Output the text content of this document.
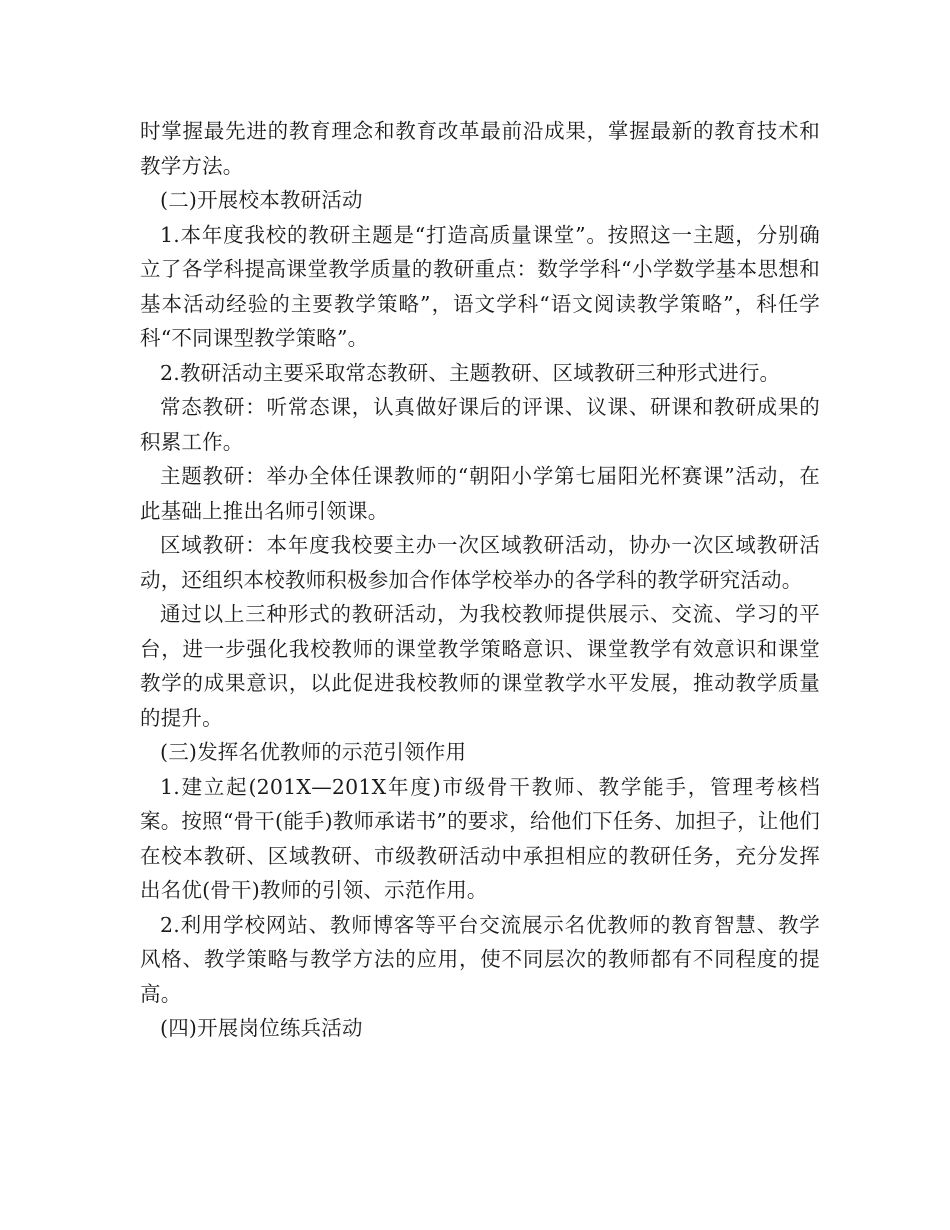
时掌握最先进的教育理念和教育改革最前沿成果，掌握最新的教育技术和教学方法。

(二)开展校本教研活动

1.本年度我校的教研主题是“打造高质量课堂”。按照这一主题，分别确立了各学科提高课堂教学质量的教研重点：数学学科“小学数学基本思想和基本活动经验的主要教学策略”，语文学科“语文阅读教学策略”，科任学科“不同课型教学策略”。

2.教研活动主要采取常态教研、主题教研、区域教研三种形式进行。

常态教研：听常态课，认真做好课后的评课、议课、研课和教研成果的积累工作。

主题教研：举办全体任课教师的“朝阳小学第七届阳光杯赛课”活动，在此基础上推出名师引领课。

区域教研：本年度我校要主办一次区域教研活动，协办一次区域教研活动，还组织本校教师积极参加合作体学校举办的各学科的教学研究活动。

通过以上三种形式的教研活动，为我校教师提供展示、交流、学习的平台，进一步强化我校教师的课堂教学策略意识、课堂教学有效意识和课堂教学的成果意识，以此促进我校教师的课堂教学水平发展，推动教学质量的提升。

(三)发挥名优教师的示范引领作用

1.建立起(201X—201X年度)市级骨干教师、教学能手，管理考核档案。按照“骨干(能手)教师承诺书”的要求，给他们下任务、加担子，让他们在校本教研、区域教研、市级教研活动中承担相应的教研任务，充分发挥出名优(骨干)教师的引领、示范作用。

2.利用学校网站、教师博客等平台交流展示名优教师的教育智慧、教学风格、教学策略与教学方法的应用，使不同层次的教师都有不同程度的提高。

(四)开展岗位练兵活动
